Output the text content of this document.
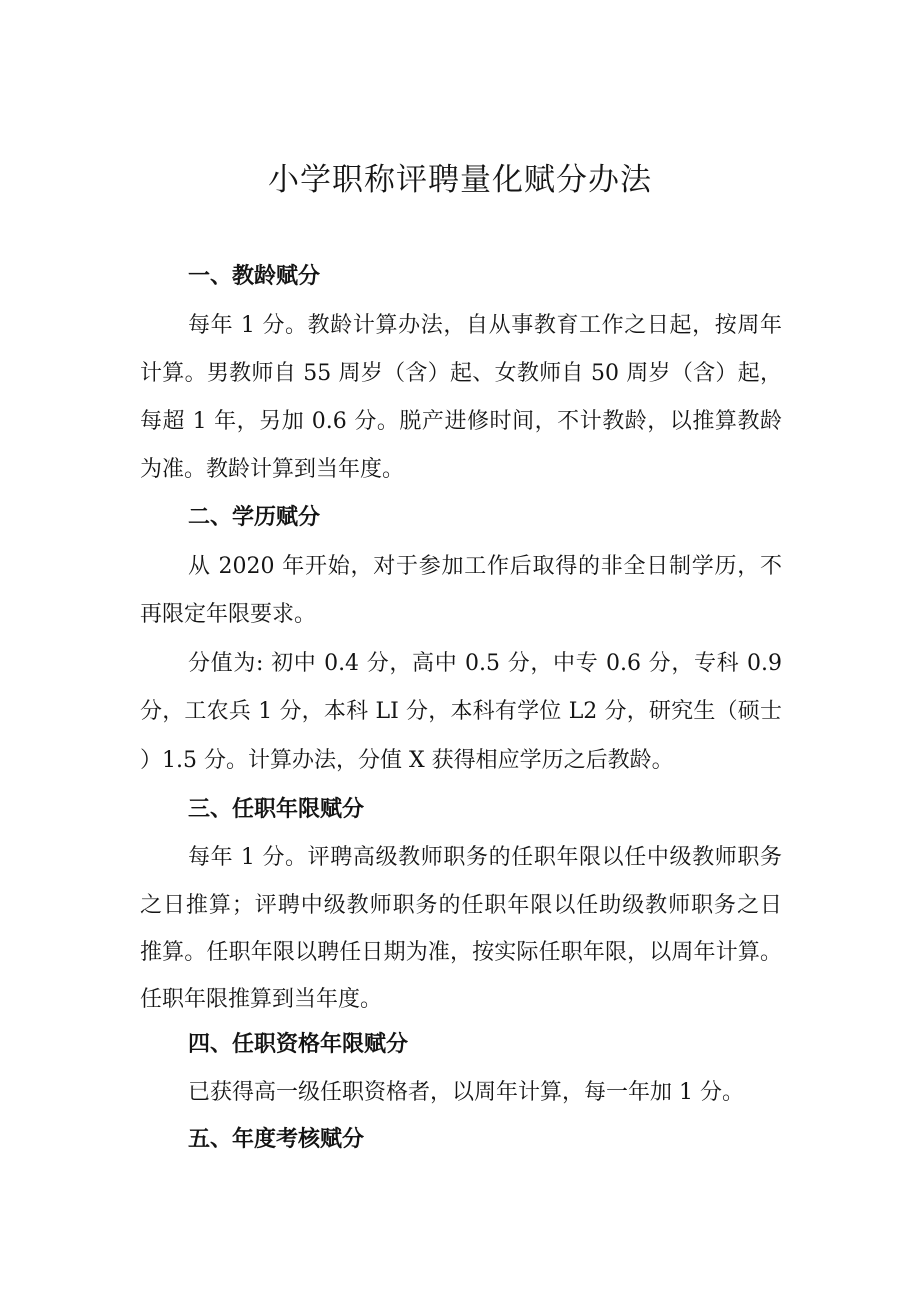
小学职称评聘量化赋分办法
一、教龄赋分
每年 1 分。教龄计算办法，自从事教育工作之日起，按周年
计算。男教师自 55 周岁（含）起、女教师自 50 周岁（含）起，
每超 1 年，另加 0.6 分。脱产进修时间，不计教龄，以推算教龄
为准。教龄计算到当年度。
二、学历赋分
从 2020 年开始，对于参加工作后取得的非全日制学历，不
再限定年限要求。
分值为: 初中 0.4 分，高中 0.5 分，中专 0.6 分，专科 0.9
分，工农兵 1 分，本科 LI 分，本科有学位 L2 分，研究生（硕士
）1.5 分。计算办法，分值 X 获得相应学历之后教龄。
三、任职年限赋分
每年 1 分。评聘高级教师职务的任职年限以任中级教师职务
之日推算；评聘中级教师职务的任职年限以任助级教师职务之日
推算。任职年限以聘任日期为准，按实际任职年限，以周年计算。
任职年限推算到当年度。
四、任职资格年限赋分
已获得高一级任职资格者，以周年计算，每一年加 1 分。
五、年度考核赋分
